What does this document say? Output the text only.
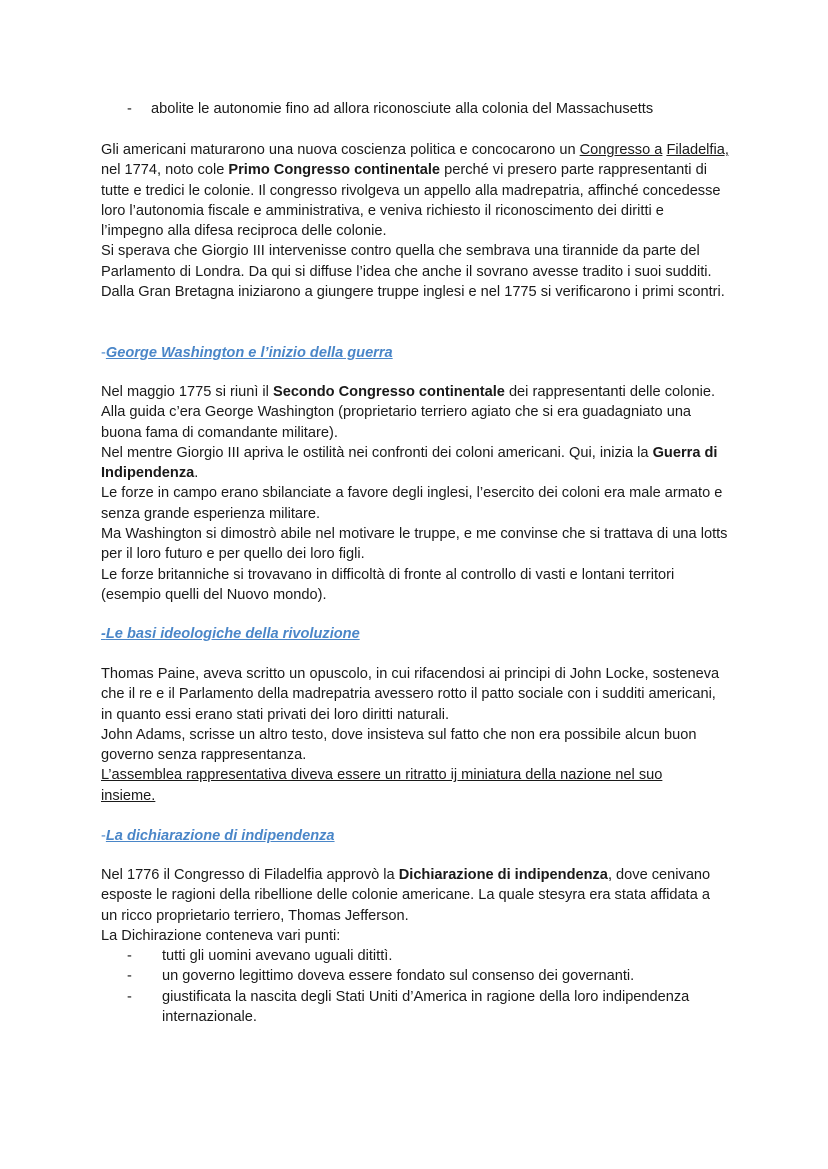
- abolite le autonomie fino ad allora riconosciute alla colonia del Massachusetts

Gli americani maturarono una nuova coscienza politica e concocarono un Congresso a Filadelfia, nel 1774, noto cole Primo Congresso continentale perché vi presero parte rappresentanti di tutte e tredici le colonie. Il congresso rivolgeva un appello alla madrepatria, affinché concedesse loro l’autonomia fiscale e amministrativa, e veniva richiesto il riconoscimento dei diritti e l’impegno alla difesa reciproca delle colonie.

Si sperava che Giorgio III intervenisse contro quella che sembrava una tirannide da parte del Parlamento di Londra. Da qui si diffuse l’idea che anche il sovrano avesse tradito i suoi sudditi. Dalla Gran Bretagna iniziarono a giungere truppe inglesi e nel 1775 si verificarono i primi scontri.

-George Washington e l’inizio della guerra

Nel maggio 1775 si riunì il Secondo Congresso continentale dei rappresentanti delle colonie. Alla guida c’era George Washington (proprietario terriero agiato che si era guadagniato una buona fama di comandante militare).

Nel mentre Giorgio III apriva le ostilità nei confronti dei coloni americani. Qui, inizia la Guerra di Indipendenza.

Le forze in campo erano sbilanciate a favore degli inglesi, l’esercito dei coloni era male armato e senza grande esperienza militare.

Ma Washington si dimostrò abile nel motivare le truppe, e me convinse che si trattava di una lotts per il loro futuro e per quello dei loro figli.

Le forze britanniche si trovavano in difficoltà di fronte al controllo di vasti e lontani territori (esempio quelli del Nuovo mondo).

-Le basi ideologiche della rivoluzione

Thomas Paine, aveva scritto un opuscolo, in cui rifacendosi ai principi di John Locke, sosteneva che il re e il Parlamento della madrepatria avessero rotto il patto sociale con i sudditi americani, in quanto essi erano stati privati dei loro diritti naturali.

John Adams, scrisse un altro testo, dove insisteva sul fatto che non era possibile alcun buon governo senza rappresentanza.

L’assemblea rappresentativa diveva essere un ritratto ij miniatura della nazione nel suo insieme.

-La dichiarazione di indipendenza

Nel 1776 il Congresso di Filadelfia approvò la Dichiarazione di indipendenza, dove cenivano esposte le ragioni della ribellione delle colonie americane. La quale stesyra era stata affidata a un ricco proprietario terriero, Thomas Jefferson.

La Dichirazione conteneva vari punti:

- tutti gli uomini avevano uguali ditittì.
- un governo legittimo doveva essere fondato sul consenso dei governanti.
- giustificata la nascita degli Stati Uniti d’America in ragione della loro indipendenza internazionale.
